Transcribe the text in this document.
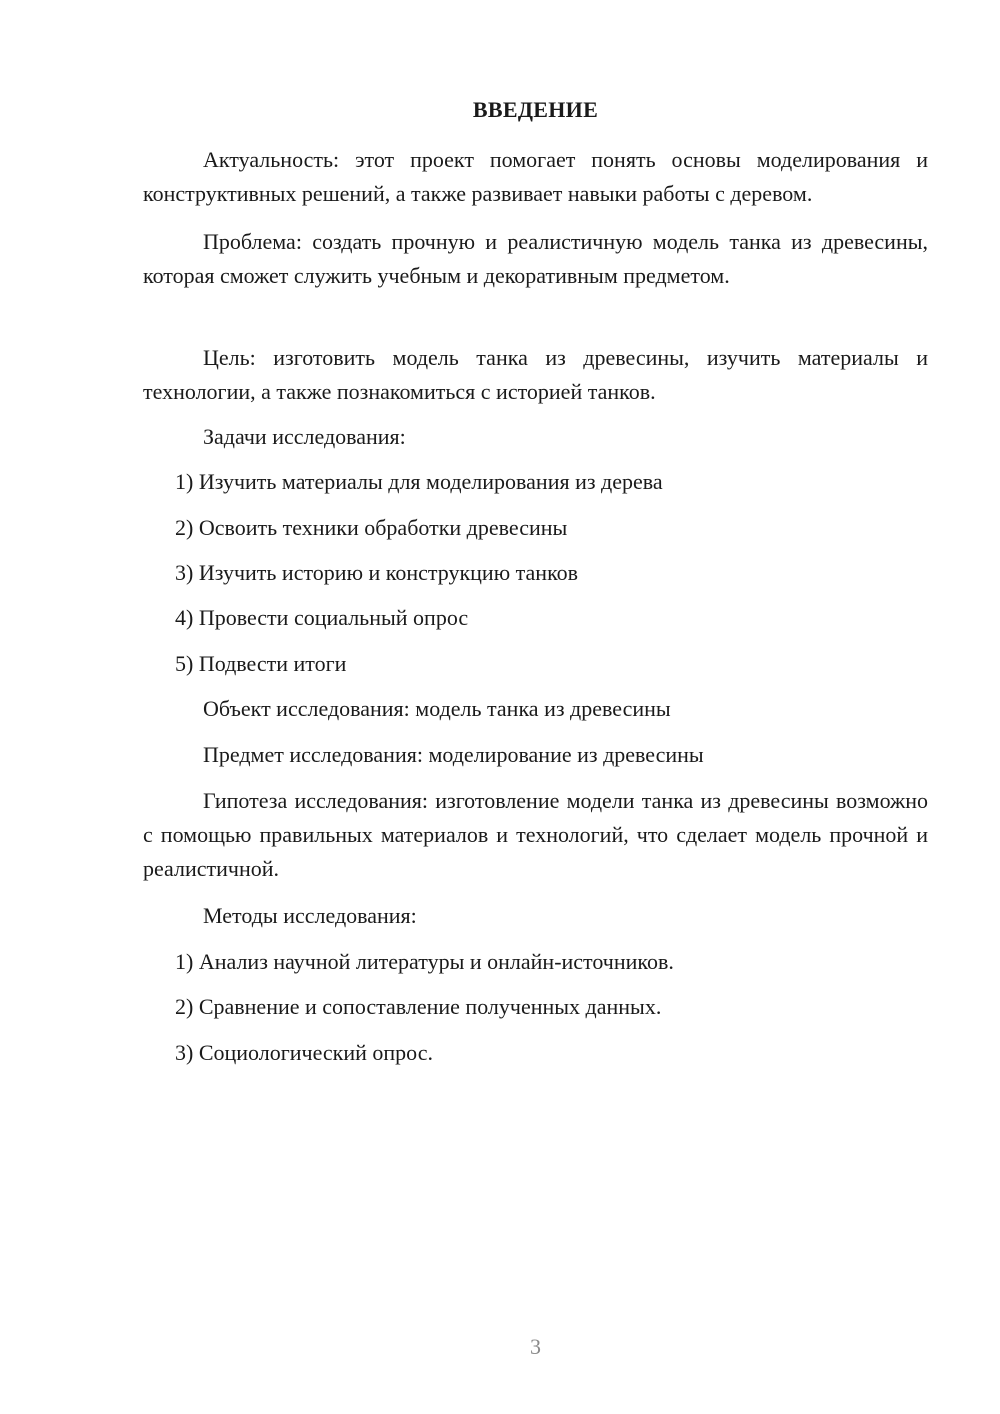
ВВЕДЕНИЕ
Актуальность: этот проект помогает понять основы моделирования и конструктивных решений, а также развивает навыки работы с деревом.
Проблема: создать прочную и реалистичную модель танка из древесины, которая сможет служить учебным и декоративным предметом.
Цель: изготовить модель танка из древесины, изучить материалы и технологии, а также познакомиться с историей танков.
Задачи исследования:
1) Изучить материалы для моделирования из дерева
2) Освоить техники обработки древесины
3) Изучить историю и конструкцию танков
4) Провести социальный опрос
5) Подвести итоги
Объект исследования: модель танка из древесины
Предмет исследования: моделирование из древесины
Гипотеза исследования: изготовление модели танка из древесины возможно с помощью правильных материалов и технологий, что сделает модель прочной и реалистичной.
Методы исследования:
1) Анализ научной литературы и онлайн-источников.
2) Сравнение и сопоставление полученных данных.
3) Социологический опрос.
3
